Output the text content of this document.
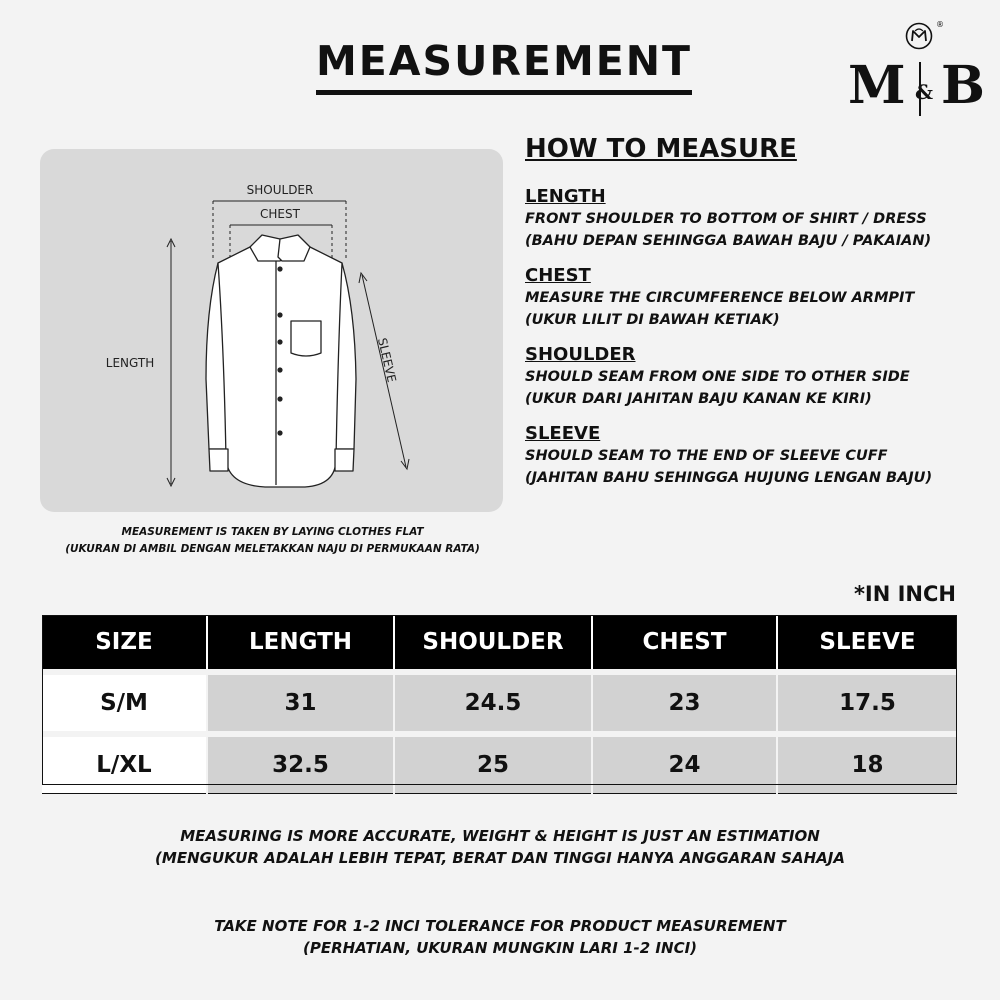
MEASUREMENT
®
M & B
SHOULDER
CHEST
LENGTH	SLEEVE
MEASUREMENT IS TAKEN BY LAYING CLOTHES FLAT
(UKURAN DI AMBIL DENGAN MELETAKKAN NAJU DI PERMUKAAN RATA)
HOW TO MEASURE
LENGTH
FRONT SHOULDER TO BOTTOM OF SHIRT / DRESS
(BAHU DEPAN SEHINGGA BAWAH BAJU / PAKAIAN)
CHEST
MEASURE THE CIRCUMFERENCE BELOW ARMPIT
(UKUR LILIT DI BAWAH KETIAK)
SHOULDER
SHOULD SEAM FROM ONE SIDE TO OTHER SIDE
(UKUR DARI JAHITAN BAJU KANAN KE KIRI)
SLEEVE
SHOULD SEAM TO THE END OF SLEEVE CUFF
(JAHITAN BAHU SEHINGGA HUJUNG LENGAN BAJU)
*IN INCH
SIZE	LENGTH	SHOULDER	CHEST	SLEEVE
S/M	31	24.5	23	17.5
L/XL	32.5	25	24	18
MEASURING IS MORE ACCURATE, WEIGHT & HEIGHT IS JUST AN ESTIMATION
(MENGUKUR ADALAH LEBIH TEPAT, BERAT DAN TINGGI HANYA ANGGARAN SAHAJA
TAKE NOTE FOR 1-2 INCI TOLERANCE FOR PRODUCT MEASUREMENT
(PERHATIAN, UKURAN MUNGKIN LARI 1-2 INCI)
